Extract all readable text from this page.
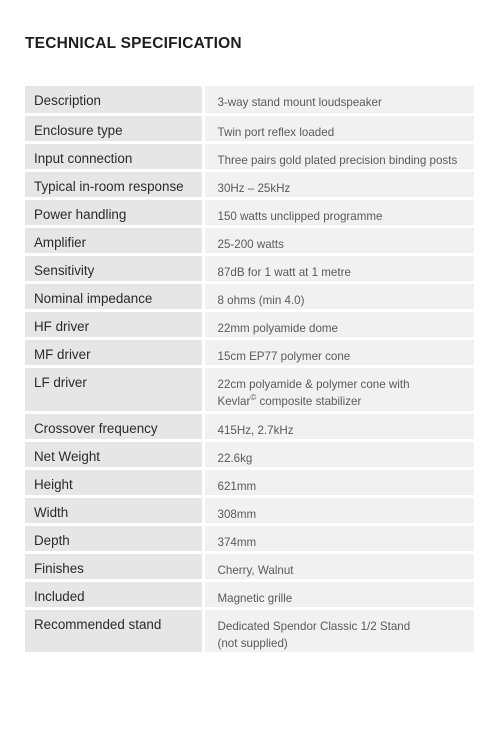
TECHNICAL SPECIFICATION
Description	3-way stand mount loudspeaker
Enclosure type	Twin port reflex loaded
Input connection	Three pairs gold plated precision binding posts
Typical in-room response	30Hz – 25kHz
Power handling	150 watts unclipped programme
Amplifier	25-200 watts
Sensitivity	87dB for 1 watt at 1 metre
Nominal impedance	8 ohms (min 4.0)
HF driver	22mm polyamide dome
MF driver	15cm EP77 polymer cone
LF driver	22cm polyamide & polymer cone with
Kevlar© composite stabilizer

Crossover frequency	415Hz, 2.7kHz
Net Weight	22.6kg
Height	621mm
Width	308mm
Depth	374mm
Finishes	Cherry, Walnut
Included	Magnetic grille
Recommended stand	Dedicated Spendor Classic 1/2 Stand
(not supplied)
